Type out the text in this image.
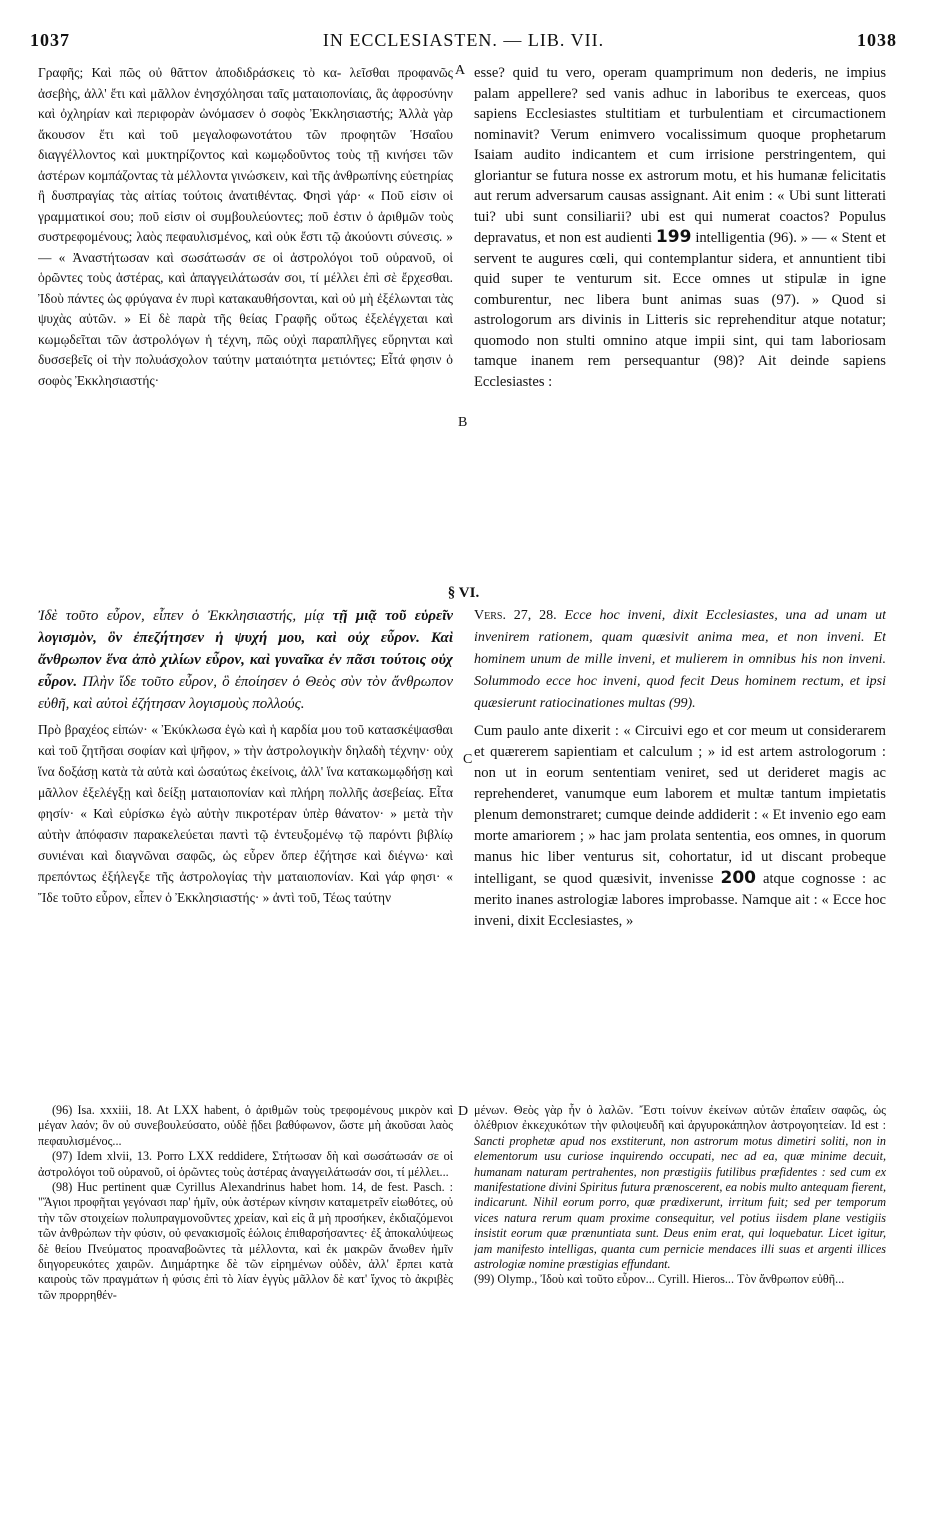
1037	IN ECCLESIASTEN. — LIB. VII.	1038
A
B
C
D

Γραφῆς; Καὶ πῶς οὐ θᾶττον ἀποδιδράσκεις τὸ κα- λεῖσθαι προφανῶς ἀσεβὴς, ἀλλ' ἔτι καὶ μᾶλλον ἐνησχόλησαι ταῖς ματαιοπονίαις, ἃς ἀφροσύνην καὶ ὀχληρίαν καὶ περιφορὰν ὠνόμασεν ὁ σοφὸς Ἐκκλησιαστής; Ἀλλὰ γὰρ ἄκουσον ἔτι καὶ τοῦ μεγαλοφωνοτάτου τῶν προφητῶν Ἡσαΐου διαγγέλλοντος καὶ μυκτηρίζοντος καὶ κωμῳδοῦντος τοὺς τῇ κινήσει τῶν ἀστέρων κομπάζοντας τὰ μέλλοντα γινώσκειν, καὶ τῆς ἀνθρωπίνης εὐετηρίας ἢ δυσπραγίας τὰς αἰτίας τούτοις ἀνατιθέντας. Φησὶ γάρ· « Ποῦ εἰσιν οἱ γραμματικοί σου; ποῦ εἰσιν οἱ συμβουλεύοντες; ποῦ ἐστιν ὁ ἀριθμῶν τοὺς συστρεφομένους; λαὸς πεφαυλισμένος, καὶ οὐκ ἔστι τῷ ἀκούοντι σύνεσις. » — « Ἀναστήτωσαν καὶ σωσάτωσάν σε οἱ ἀστρολόγοι τοῦ οὐρανοῦ, οἱ ὁρῶντες τοὺς ἀστέρας, καὶ ἀπαγγειλάτωσάν σοι, τί μέλλει ἐπὶ σὲ ἔρχεσθαι. Ἰδοὺ πάντες ὡς φρύγανα ἐν πυρὶ κατακαυθήσονται, καὶ οὐ μὴ ἐξέλωνται τὰς ψυχὰς αὐτῶν. » Εἰ δὲ παρὰ τῆς θείας Γραφῆς οὕτως ἐξελέγχεται καὶ κωμῳδεῖται τῶν ἀστρολόγων ἡ τέχνη, πῶς οὐχὶ παραπλῆγες εὕρηνται καὶ δυσσεβεῖς οἱ τὴν πολυάσχολον ταύτην ματαιότητα μετιόντες; Εἶτά φησιν ὁ σοφὸς Ἐκκλησιαστής·

esse? quid tu vero, operam quamprimum non dederis, ne impius palam appellere? sed vanis adhuc in laboribus te exerceas, quos sapiens Ecclesiastes stultitiam et turbulentiam et circumactionem nominavit? Verum enimvero vocalissimum quoque prophetarum Isaiam audito indicantem et cum irrisione perstringentem, qui gloriantur se futura nosse ex astrorum motu, et his humanæ felicitatis aut rerum adversarum causas assignant. Ait enim : « Ubi sunt litterati tui? ubi sunt consiliarii? ubi est qui numerat coactos? Populus depravatus, et non est audienti 199 intelligentia (96). » — « Stent et servent te augures cœli, qui contemplantur sidera, et annuntient tibi quid super te venturum sit. Ecce omnes ut stipulæ in igne comburentur, nec libera bunt animas suas (97). » Quod si astrologorum ars divinis in Litteris sic reprehenditur atque notatur; quomodo non stulti omnino atque impii sint, qui tam laboriosam tamque inanem rem persequantur (98)? Ait deinde sapiens Ecclesiastes :

§ VI.

Ἰδὲ τοῦτο εὗρον, εἶπεν ὁ Ἐκκλησιαστής, μίᾳ τῇ μιᾷ τοῦ εὑρεῖν λογισμὸν, ὃν ἐπεζήτησεν ἡ ψυχή μου, καὶ οὐχ εὗρον. Καὶ ἄνθρωπον ἕνα ἀπὸ χιλίων εὗρον, καὶ γυναῖκα ἐν πᾶσι τούτοις οὐχ εὗρον. Πλὴν ἴδε τοῦτο εὗρον, ὃ ἐποίησεν ὁ Θεὸς σὺν τὸν ἄνθρωπον εὐθῆ, καὶ αὐτοὶ ἐζήτησαν λογισμοὺς πολλούς.

Πρὸ βραχέος εἰπών· « Ἐκύκλωσα ἐγὼ καὶ ἡ καρδία μου τοῦ κατασκέψασθαι καὶ τοῦ ζητῆσαι σοφίαν καὶ ψῆφον, » τὴν ἀστρολογικὴν δηλαδὴ τέχνην· οὐχ ἵνα δοξάσῃ κατὰ τὰ αὐτὰ καὶ ὡσαύτως ἐκείνοις, ἀλλ' ἵνα κατακωμῳδήσῃ καὶ μᾶλλον ἐξελέγξῃ καὶ δείξῃ ματαιοπονίαν καὶ πλήρη πολλῆς ἀσεβείας. Εἶτα φησίν· « Καὶ εὑρίσκω ἐγὼ αὐτὴν πικροτέραν ὑπὲρ θάνατον· » μετὰ τὴν αὐτὴν ἀπόφασιν παρακελεύεται παντὶ τῷ ἐντευξομένῳ τῷ παρόντι βιβλίῳ συνιέναι καὶ διαγνῶναι σαφῶς, ὡς εὗρεν ὅπερ ἐζήτησε καὶ διέγνω· καὶ πρεπόντως ἐξήλεγξε τῆς ἀστρολογίας τὴν ματαιοπονίαν. Καὶ γάρ φησι· « Ἴδε τοῦτο εὗρον, εἶπεν ὁ Ἐκκλησιαστής· » ἀντὶ τοῦ, Τέως ταύτην

Vers. 27, 28. Ecce hoc inveni, dixit Ecclesiastes, una ad unam ut invenirem rationem, quam quæsivit anima mea, et non inveni. Et hominem unum de mille inveni, et mulierem in omnibus his non inveni. Solummodo ecce hoc inveni, quod fecit Deus hominem rectum, et ipsi quæsierunt ratiocinationes multas (99).

Cum paulo ante dixerit : « Circuivi ego et cor meum ut considerarem et quærerem sapientiam et calculum ; » id est artem astrologorum : non ut in eorum sententiam veniret, sed ut derideret magis ac reprehenderet, vanumque eum laborem et multæ tantum impietatis plenum demonstraret; cumque deinde addiderit : « Et invenio ego eam morte amariorem ; » hac jam prolata sententia, eos omnes, in quorum manus hic liber venturus sit, cohortatur, id ut discant probeque intelligant, se quod quæsivit, invenisse 200 atque cognosse : ac merito inanes astrologiæ labores improbasse. Namque ait : « Ecce hoc inveni, dixit Ecclesiastes, »

(96) Isa. xxxiii, 18. At LXX habent, ὁ ἀριθμῶν τοὺς τρεφομένους μικρὸν καὶ μέγαν λαόν; ὃν οὐ συνεβουλεύσατο, οὐδὲ ᾔδει βαθύφωνον, ὥστε μὴ ἀκοῦσαι λαὸς πεφαυλισμένος...

(97) Idem xlvii, 13. Porro LXX reddidere, Στήτωσαν δὴ καὶ σωσάτωσάν σε οἱ ἀστρολόγοι τοῦ οὐρανοῦ, οἱ ὁρῶντες τοὺς ἀστέρας ἀναγγειλάτωσάν σοι, τί μέλλει...

(98) Huc pertinent quæ Cyrillus Alexandrinus habet hom. 14, de fest. Pasch. : "Ἅγιοι προφῆται γεγόνασι παρ' ἡμῖν, οὐκ ἀστέρων κίνησιν καταμετρεῖν εἰωθότες, οὐ τὴν τῶν στοιχείων πολυπραγμονοῦντες χρείαν, καὶ εἰς ἃ μὴ προσήκεν, ἐκδιαζόμενοι τῶν ἀνθρώπων τὴν φύσιν, οὐ φενακισμοῖς ἑώλοις ἐπιθαρσήσαντες· ἐξ ἀποκαλύψεως δὲ θείου Πνεύματος προαναβοῶντες τὰ μέλλοντα, καὶ ἐκ μακρῶν ἄνωθεν ἡμῖν διηγορευκότες χαιρῶν. Διημάρτηκε δὲ τῶν εἰρημένων οὐδὲν, ἀλλ' ἔρπει κατὰ καιροὺς τῶν πραγμάτων ἡ φύσις ἐπὶ τὸ λίαν ἐγγὺς μᾶλλον δὲ κατ' ἴχνος τὸ ἀκριβὲς τῶν προρρηθέν-

μένων. Θεὸς γὰρ ἦν ὁ λαλῶν. Ἔστι τοίνυν ἐκείνων αὐτῶν ἐπαΐειν σαφῶς, ὡς ὀλέθριον ἐκκεχυκότων τὴν φιλοψευδῆ καὶ ἀργυροκάπηλον ἀστρογοητείαν. Id est : Sancti prophetæ apud nos exstiterunt, non astrorum motus dimetiri soliti, non in elementorum usu curiose inquirendo occupati, nec ad ea, quæ minime decuit, humanam naturam pertrahentes, non præstigiis futilibus præfidentes : sed cum ex manifestatione divini Spiritus futura prænoscerent, ea nobis multo antequam fierent, indicarunt. Nihil eorum porro, quæ prædixerunt, irritum fuit; sed per temporum vices natura rerum quam proxime consequitur, vel potius iisdem plane vestigiis insistit eorum quæ prænuntiata sunt. Deus enim erat, qui loquebatur. Licet igitur, jam manifesto intelligas, quanta cum pernicie mendaces illi suas et argenti illices astrologiæ nomine præstigias effundant.

(99) Olymp., Ἰδοὺ καὶ τοῦτο εὗρον... Cyrill. Hieros... Τὸν ἄνθρωπον εὐθῆ...
